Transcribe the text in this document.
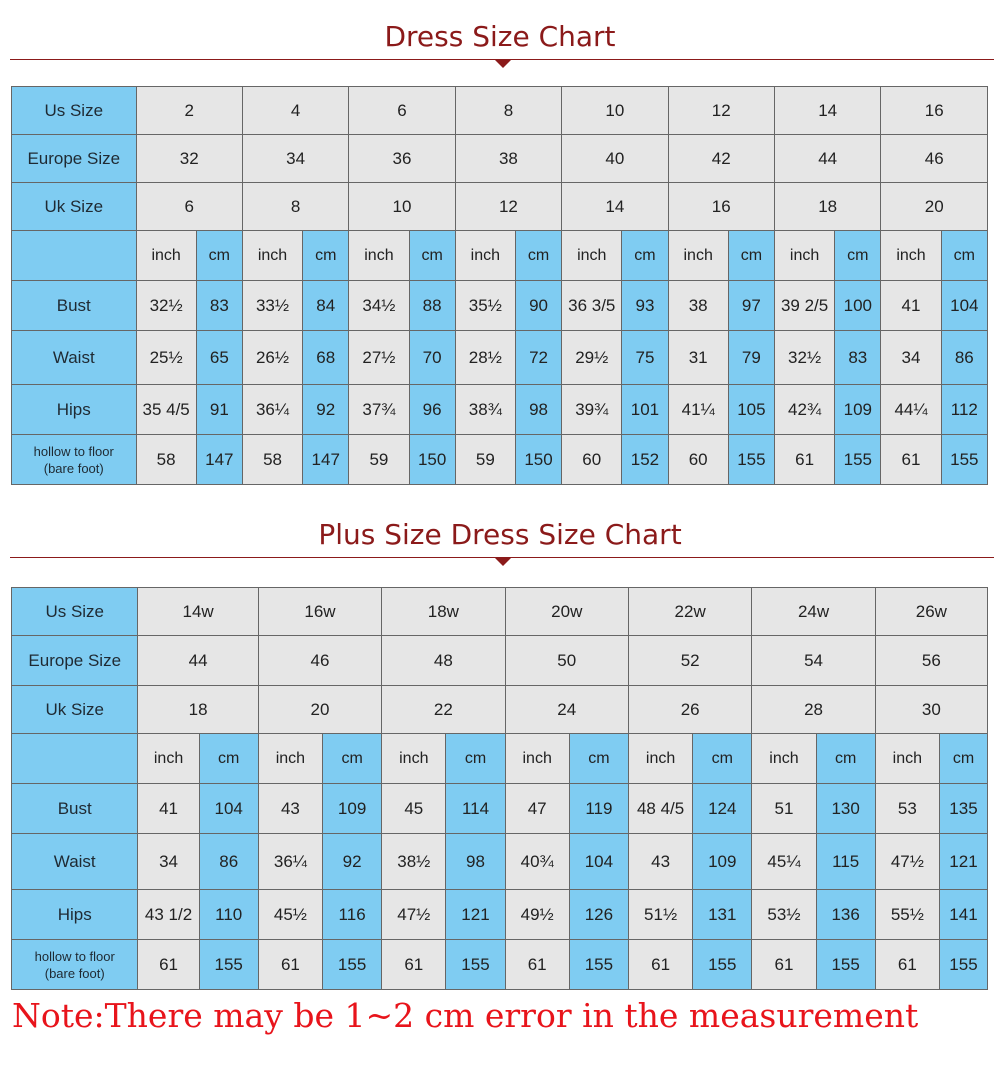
Dress Size Chart
Us Size	2		4		6		8		10		12		14		16	
Europe Size	32		34		36		38		40		42		44		46	
Uk Size	6		8		10		12		14		16		18		20	
	inch	cm	inch	cm	inch	cm	inch	cm	inch	cm	inch	cm	inch	cm	inch	cm
Bust	32½	83	33½	84	34½	88	35½	90	36 3/5	93	38	97	39 2/5	100	41	104
Waist	25½	65	26½	68	27½	70	28½	72	29½	75	31	79	32½	83	34	86
Hips	35 4/5	91	36¼	92	37¾	96	38¾	98	39¾	101	41¼	105	42¾	109	44¼	112

hollow to floor
(bare foot)	58	147	58	147	59	150	59	150	60	152	60	155	61	155	61	155
Plus Size Dress Size Chart
Us Size	14w		16w		18w		20w		22w		24w		26w	
Europe Size	44		46		48		50		52		54		56	
Uk Size	18		20		22		24		26		28		30	
	inch	cm	inch	cm	inch	cm	inch	cm	inch	cm	inch	cm	inch	cm
Bust	41	104	43	109	45	114	47	119	48 4/5	124	51	130	53	135
Waist	34	86	36¼	92	38½	98	40¾	104	43	109	45¼	115	47½	121
Hips	43 1/2	110	45½	116	47½	121	49½	126	51½	131	53½	136	55½	141

hollow to floor
(bare foot)	61	155	61	155	61	155	61	155	61	155	61	155	61	155
Note:There may be 1~2 cm error in the measurement
